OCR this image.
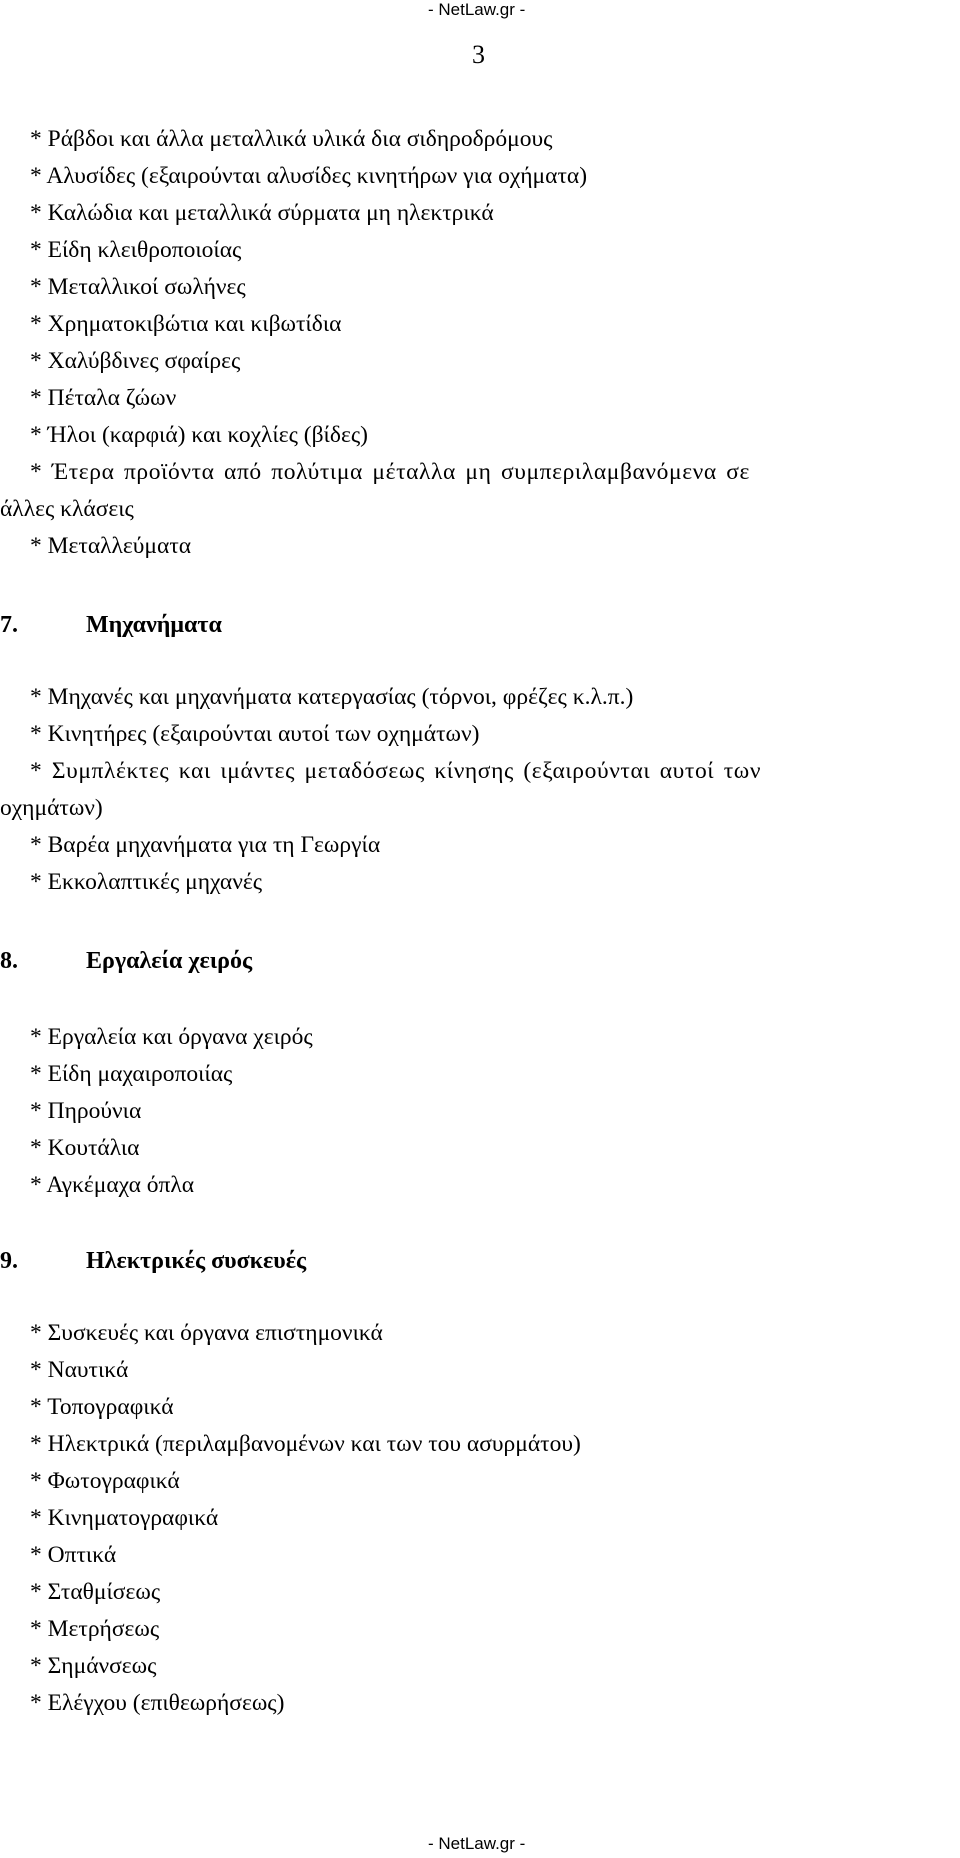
- NetLaw.gr -
3
* Ράβδοι και άλλα μεταλλικά υλικά δια σιδηροδρόμους
* Αλυσίδες (εξαιρούνται αλυσίδες κινητήρων για οχήματα)
* Καλώδια και μεταλλικά σύρματα μη ηλεκτρικά
* Είδη κλειθροποιοίας
* Μεταλλικοί σωλήνες
* Χρηματοκιβώτια και κιβωτίδια
* Χαλύβδινες σφαίρες
* Πέταλα ζώων
* Ήλοι (καρφιά) και κοχλίες (βίδες)
* Έτερα προϊόντα από πολύτιμα μέταλλα μη συμπεριλαμβανόμενα σε
άλλες κλάσεις
* Μεταλλεύματα
7.	Μηχανήματα
* Μηχανές και μηχανήματα κατεργασίας (τόρνοι, φρέζες κ.λ.π.)
* Κινητήρες (εξαιρούνται αυτοί των οχημάτων)
* Συμπλέκτες και ιμάντες μεταδόσεως κίνησης (εξαιρούνται αυτοί των
οχημάτων)
* Βαρέα μηχανήματα για τη Γεωργία
* Εκκολαπτικές μηχανές
8.	Εργαλεία χειρός
* Εργαλεία και όργανα χειρός
* Είδη μαχαιροποιίας
* Πηρούνια
* Κουτάλια
* Αγκέμαχα όπλα
9.	Ηλεκτρικές συσκευές
* Συσκευές και όργανα επιστημονικά
* Ναυτικά
* Τοπογραφικά
* Ηλεκτρικά (περιλαμβανομένων και των του ασυρμάτου)
* Φωτογραφικά
* Κινηματογραφικά
* Οπτικά
* Σταθμίσεως
* Μετρήσεως
* Σημάνσεως
* Ελέγχου (επιθεωρήσεως)
- NetLaw.gr -
